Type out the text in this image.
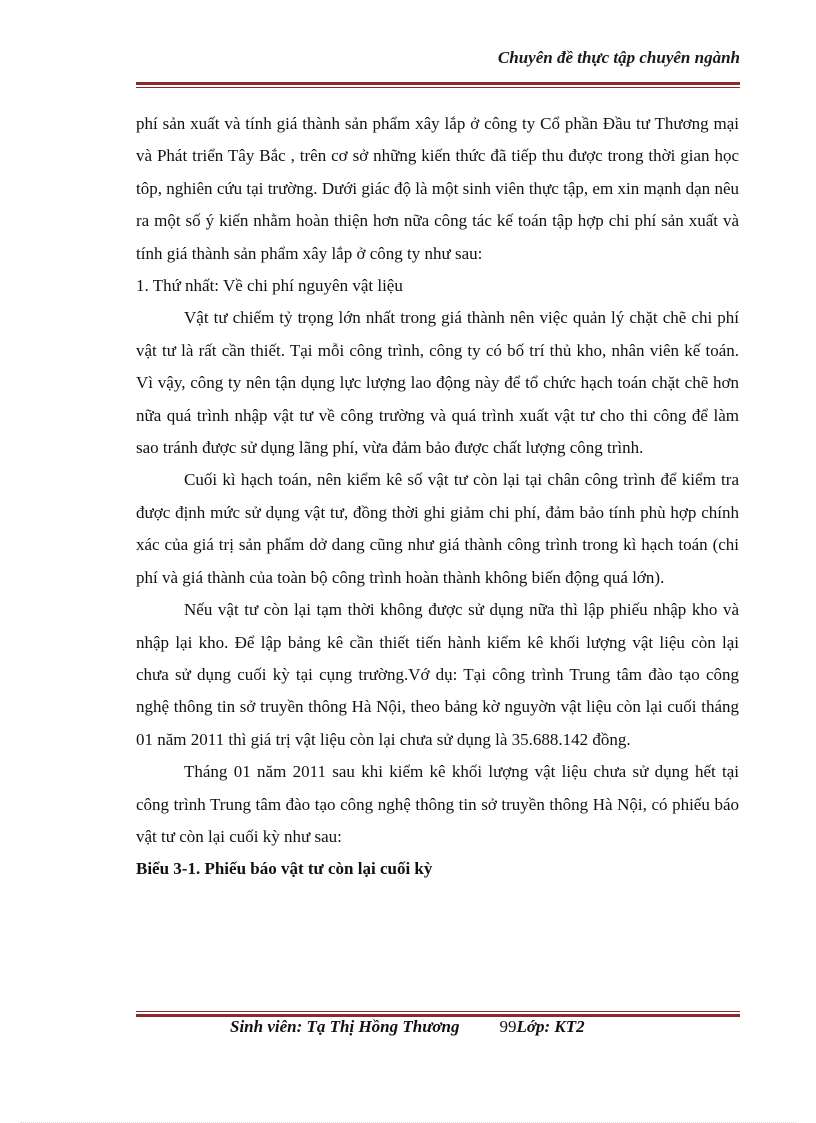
Chuyên đề thực tập chuyên ngành

phí sản xuất và tính giá thành sản phẩm xây lắp ở công ty Cổ phần Đầu tư Thương mại và Phát triển Tây Bắc , trên cơ sở những kiến thức đã tiếp thu được trong thời gian học tôp, nghiên cứu tại trường. Dưới giác độ là một sinh viên thực tập, em xin mạnh dạn nêu ra một số ý kiến nhằm hoàn thiện hơn nữa công tác kế toán tập hợp chi phí sản xuất và tính giá thành sản phẩm xây lắp ở công ty như sau:

1. Thứ nhất: Về chi phí nguyên vật liệu

Vật tư chiếm tỷ trọng lớn nhất trong giá thành nên việc quản lý chặt chẽ chi phí vật tư là rất cần thiết. Tại mỗi công trình, công ty có bố trí thủ kho, nhân viên kế toán. Vì vậy, công ty nên tận dụng lực lượng lao động này để tổ chức hạch toán chặt chẽ hơn nữa quá trình nhập vật tư về công trường và quá trình xuất vật tư cho thi công để làm sao tránh được sử dụng lãng phí, vừa đảm bảo được chất lượng công trình.

Cuối kì hạch toán, nên kiểm kê số vật tư còn lại tại chân công trình để kiểm tra được định mức sử dụng vật tư, đồng thời ghi giảm chi phí, đảm bảo tính phù hợp chính xác của giá trị sản phẩm dở dang cũng như giá thành công trình trong kì hạch toán (chi phí và giá thành của toàn bộ công trình hoàn thành không biến động quá lớn).

Nếu vật tư còn lại tạm thời không được sử dụng nữa thì lập phiếu nhập kho và nhập lại kho. Để lập bảng kê cần thiết tiến hành kiểm kê khối lượng vật liệu còn lại chưa sử dụng cuối kỳ tại cụng trường.Vớ dụ: Tại công trình Trung tâm đào tạo công nghệ thông tin sở truyền thông Hà Nội, theo bảng kờ nguyờn vật liệu còn lại cuối tháng 01 năm 2011 thì giá trị vật liệu còn lại chưa sử dụng là 35.688.142 đồng.

Tháng 01 năm 2011 sau khi kiểm kê khối lượng vật liệu chưa sử dụng hết tại công trình Trung tâm đào tạo công nghệ thông tin sở truyền thông Hà Nội, có phiếu báo vật tư còn lại cuối kỳ như sau:

Biểu 3-1. Phiếu báo vật tư còn lại cuối kỳ

Sinh viên: Tạ Thị Hồng Thương 99Lớp: KT2
